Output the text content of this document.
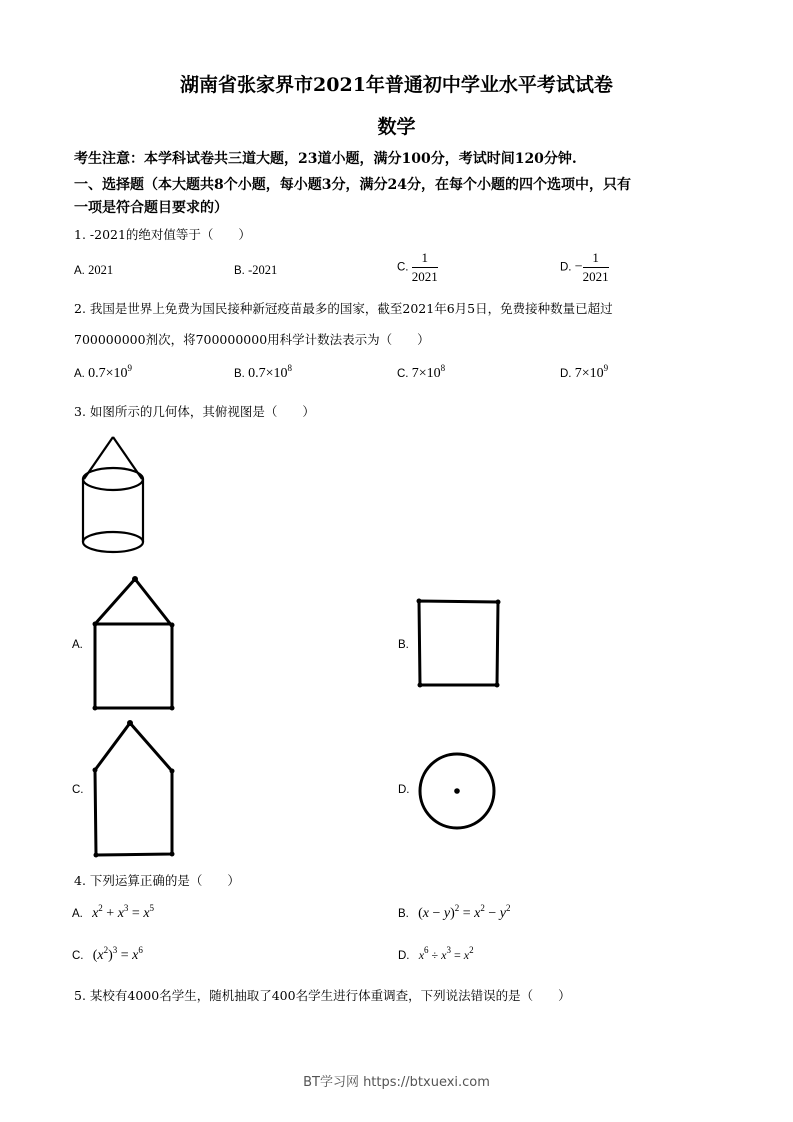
湖南省张家界市2021年普通初中学业水平考试试卷
数学
考生注意：本学科试卷共三道大题，23道小题，满分100分，考试时间120分钟.
一、选择题（本大题共8个小题，每小题3分，满分24分，在每个小题的四个选项中，只有
一项是符合题目要求的）
1. -2021的绝对值等于（　　）
A. 2021	B. -2021	C. $\frac{1}{2021}$	D. − $\frac{1}{2021}$
2. 我国是世界上免费为国民接种新冠疫苗最多的国家，截至2021年6月5日，免费接种数量已超过
700000000剂次，将700000000用科学计数法表示为（　　）
A. $0.7\times 10^9$	B. $0.7\times 10^8$	C. $7\times 10^8$	D. $7\times 10^9$
3. 如图所示的几何体，其俯视图是（　　）
A.	B.
C.	D.
4. 下列运算正确的是（　　）
A. $x^2 + x^3 = x^5$	B. $(x - y)^2 = x^2 - y^2$
C. $(x^2)^3 = x^6$	D. $x^6 \div x^3 = x^2$
5. 某校有4000名学生，随机抽取了400名学生进行体重调查，下列说法错误的是（　　）
BT学习网 https://btxuexi.com
